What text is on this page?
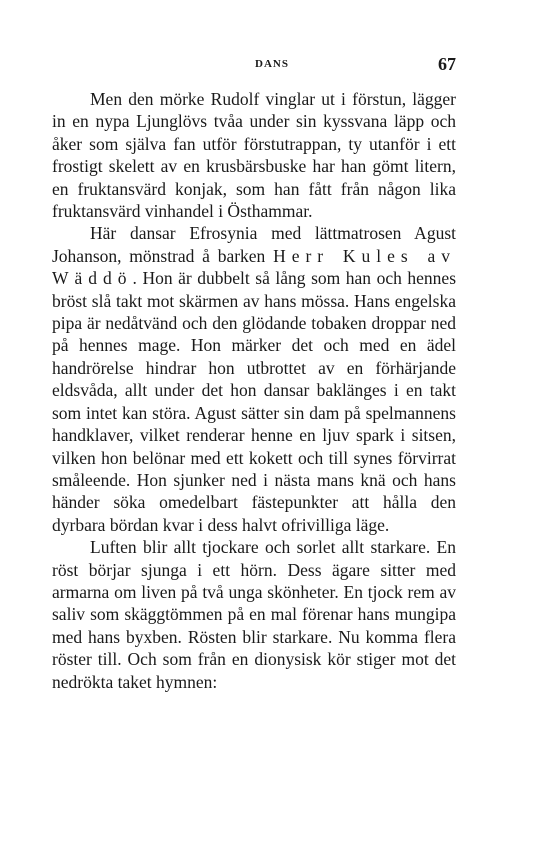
DANS	67

Men den mörke Rudolf vinglar ut i förstun, lägger in en nypa Ljunglövs tvåa under sin kyssvana läpp och åker som själva fan utför förstutrappan, ty utanför i ett frostigt skelett av en krusbärsbuske har han gömt litern, en fruktansvärd konjak, som han fått från någon lika fruktansvärd vinhandel i Östhammar.

Här dansar Efrosynia med lättmatrosen Agust Johanson, mönstrad å barken Herr Kules av Wäddö. Hon är dubbelt så lång som han och hennes bröst slå takt mot skärmen av hans mössa. Hans engelska pipa är nedåtvänd och den glödande tobaken droppar ned på hennes mage. Hon märker det och med en ädel handrörelse hindrar hon utbrottet av en förhärjande eldsvåda, allt under det hon dansar baklänges i en takt som intet kan störa. Agust sätter sin dam på spelmannens handklaver, vilket renderar henne en ljuv spark i sitsen, vilken hon belönar med ett kokett och till synes förvirrat småleende. Hon sjunker ned i nästa mans knä och hans händer söka omedelbart fästepunkter att hålla den dyrbara bördan kvar i dess halvt ofrivilliga läge.

Luften blir allt tjockare och sorlet allt starkare. En röst börjar sjunga i ett hörn. Dess ägare sitter med armarna om liven på två unga skönheter. En tjock rem av saliv som skäggtömmen på en mal förenar hans mungipa med hans byxben. Rösten blir starkare. Nu komma flera röster till. Och som från en dionysisk kör stiger mot det nedrökta taket hymnen:
